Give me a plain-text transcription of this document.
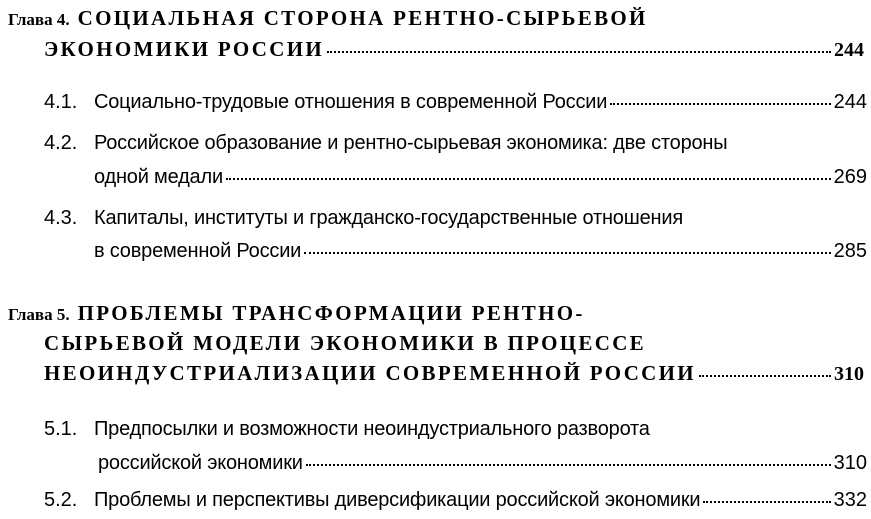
Глава 4. СОЦИАЛЬНАЯ СТОРОНА РЕНТНО-СЫРЬЕВОЙ
ЭКОНОМИКИ РОССИИ	244
4.1. Социально-трудовые отношения в современной России	244
4.2. Российское образование и рентно-сырьевая экономика: две стороны
одной медали	269
4.3. Капиталы, институты и гражданско-государственные отношения
в современной России	285
Глава 5. ПРОБЛЕМЫ ТРАНСФОРМАЦИИ РЕНТНО-
СЫРЬЕВОЙ МОДЕЛИ ЭКОНОМИКИ В ПРОЦЕССЕ
НЕОИНДУСТРИАЛИЗАЦИИ СОВРЕМЕННОЙ РОССИИ	310
5.1. Предпосылки и возможности неоиндустриального разворота
российской экономики	310
5.2. Проблемы и перспективы диверсификации российской экономики	332
